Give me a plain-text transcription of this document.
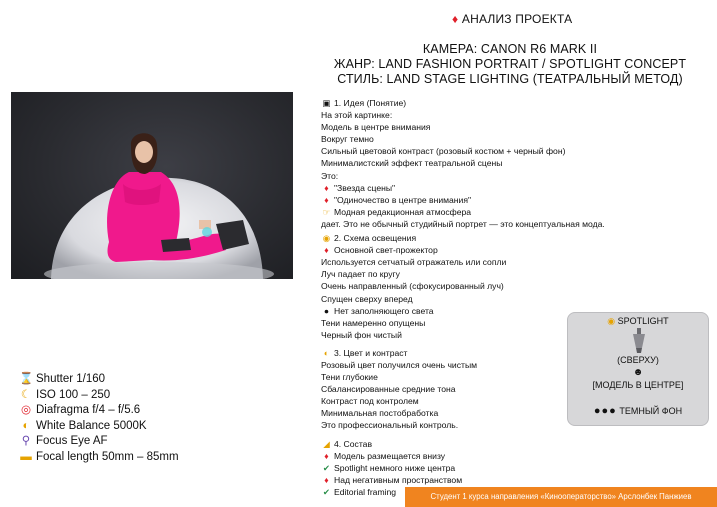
♦ АНАЛИЗ ПРОЕКТА
КАМЕРА: CANON R6 MARK II
ЖАНР: LAND FASHION PORTRAIT / SPOTLIGHT CONCEPT
СТИЛЬ: LAND STAGE LIGHTING (ТЕАТРАЛЬНЫЙ МЕТОД)
▣ 1. Идея (Понятие)
На этой картинке:
Модель в центре внимания
Вокруг темно
Сильный цветовой контраст (розовый костюм + черный фон)
Минималистский эффект театральной сцены
Это:
♦ "Звезда сцены"
♦ "Одиночество в центре внимания"
☞ Модная редакционная атмосфера
дает. Это не обычный студийный портрет — это концептуальная мода.
◉ 2. Схема освещения
♦ Основной свет-прожектор
Используется сетчатый отражатель или сопли
Луч падает по кругу
Очень направленный (сфокусированный луч)
Спущен сверху вперед
● Нет заполняющего света
Тени намеренно опущены
Черный фон чистый
◐ 3. Цвет и контраст
Розовый цвет получился очень чистым
Тени глубокие
Сбалансированные средние тона
Контраст под контролем
Минимальная постобработка
Это профессиональный контроль.
◢ 4. Состав
♦ Модель размещается внизу
✔ Spotlight немного ниже центра
♦ Над негативным пространством
✔ Editorial framing
⌛ Shutter 1/160
☾ ISO 100 – 250
◎ Diafragma f/4 – f/5.6
◐ White Balance 5000K
⚲ Focus Eye AF
▬ Focal length 50mm – 85mm
◉ SPOTLIGHT
(СВЕРХУ)
☻
[МОДЕЛЬ В ЦЕНТРЕ]
●●● ТЕМНЫЙ ФОН
Студент 1 курса направления «Кинооператорство» Арслонбек Панжиев
